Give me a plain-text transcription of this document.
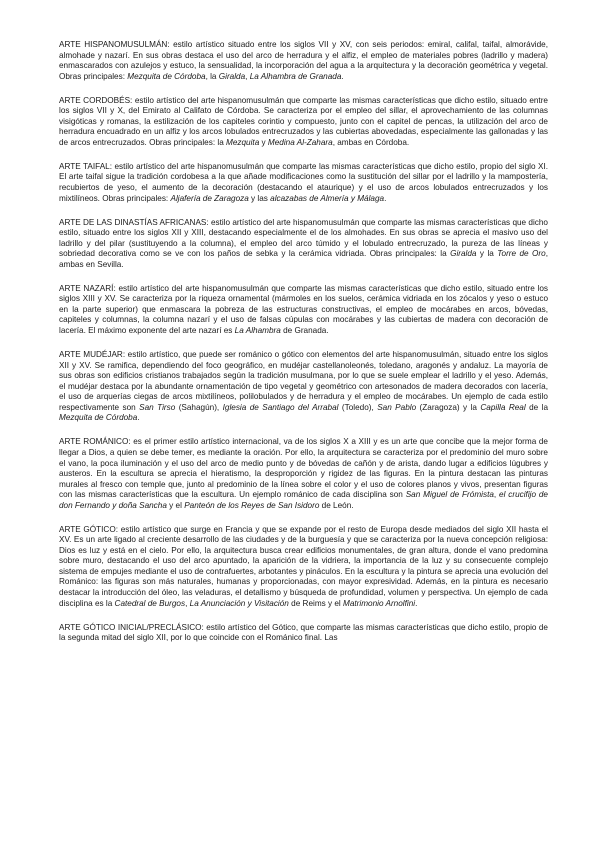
ARTE HISPANOMUSULMÁN: estilo artístico situado entre los siglos VII y XV, con seis periodos: emiral, califal, taifal, almorávide, almohade y nazarí. En sus obras destaca el uso del arco de herradura y el alfiz, el empleo de materiales pobres (ladrillo y madera) enmascarados con azulejos y estuco, la sensualidad, la incorporación del agua a la arquitectura y la decoración geométrica y vegetal. Obras principales: Mezquita de Córdoba, la Giralda, La Alhambra de Granada.

ARTE CORDOBÉS: estilo artístico del arte hispanomusulmán que comparte las mismas características que dicho estilo, situado entre los siglos VII y X, del Emirato al Califato de Córdoba. Se caracteriza por el empleo del sillar, el aprovechamiento de las columnas visigóticas y romanas, la estilización de los capiteles corintio y compuesto, junto con el capitel de pencas, la utilización del arco de herradura encuadrado en un alfiz y los arcos lobulados entrecruzados y las cubiertas abovedadas, especialmente las gallonadas y las de arcos entrecruzados. Obras principales: la Mezquita y Medina Al-Zahara, ambas en Córdoba.

ARTE TAIFAL: estilo artístico del arte hispanomusulmán que comparte las mismas características que dicho estilo, propio del siglo XI. El arte taifal sigue la tradición cordobesa a la que añade modificaciones como la sustitución del sillar por el ladrillo y la mampostería, recubiertos de yeso, el aumento de la decoración (destacando el ataurique) y el uso de arcos lobulados entrecruzados y los mixtilíneos. Obras principales: Aljafería de Zaragoza y las alcazabas de Almería y Málaga.

ARTE DE LAS DINASTÍAS AFRICANAS: estilo artístico del arte hispanomusulmán que comparte las mismas características que dicho estilo, situado entre los siglos XII y XIII, destacando especialmente el de los almohades. En sus obras se aprecia el masivo uso del ladrillo y del pilar (sustituyendo a la columna), el empleo del arco túmido y el lobulado entrecruzado, la pureza de las líneas y sobriedad decorativa como se ve con los paños de sebka y la cerámica vidriada. Obras principales: la Giralda y la Torre de Oro, ambas en Sevilla.

ARTE NAZARÍ: estilo artístico del arte hispanomusulmán que comparte las mismas características que dicho estilo, situado entre los siglos XIII y XV. Se caracteriza por la riqueza ornamental (mármoles en los suelos, cerámica vidriada en los zócalos y yeso o estuco en la parte superior) que enmascara la pobreza de las estructuras constructivas, el empleo de mocárabes en arcos, bóvedas, capiteles y columnas, la columna nazarí y el uso de falsas cúpulas con mocárabes y las cubiertas de madera con decoración de lacería. El máximo exponente del arte nazarí es La Alhambra de Granada.

ARTE MUDÉJAR: estilo artístico, que puede ser románico o gótico con elementos del arte hispanomusulmán, situado entre los siglos XII y XV. Se ramifica, dependiendo del foco geográfico, en mudéjar castellanoleonés, toledano, aragonés y andaluz. La mayoría de sus obras son edificios cristianos trabajados según la tradición musulmana, por lo que se suele emplear el ladrillo y el yeso. Además, el mudéjar destaca por la abundante ornamentación de tipo vegetal y geométrico con artesonados de madera decorados con lacería, el uso de arquerías ciegas de arcos mixtilíneos, polilobulados y de herradura y el empleo de mocárabes. Un ejemplo de cada estilo respectivamente son San Tirso (Sahagún), Iglesia de Santiago del Arrabal (Toledo), San Pablo (Zaragoza) y la Capilla Real de la Mezquita de Córdoba.

ARTE ROMÁNICO: es el primer estilo artístico internacional, va de los siglos X a XIII y es un arte que concibe que la mejor forma de llegar a Dios, a quien se debe temer, es mediante la oración. Por ello, la arquitectura se caracteriza por el predominio del muro sobre el vano, la poca iluminación y el uso del arco de medio punto y de bóvedas de cañón y de arista, dando lugar a edificios lúgubres y austeros. En la escultura se aprecia el hieratismo, la desproporción y rigidez de las figuras. En la pintura destacan las pinturas murales al fresco con temple que, junto al predominio de la línea sobre el color y el uso de colores planos y vivos, presentan figuras con las mismas características que la escultura. Un ejemplo románico de cada disciplina son San Miguel de Frómista, el crucifijo de don Fernando y doña Sancha y el Panteón de los Reyes de San Isidoro de León.

ARTE GÓTICO: estilo artístico que surge en Francia y que se expande por el resto de Europa desde mediados del siglo XII hasta el XV. Es un arte ligado al creciente desarrollo de las ciudades y de la burguesía y que se caracteriza por la nueva concepción religiosa: Dios es luz y está en el cielo. Por ello, la arquitectura busca crear edificios monumentales, de gran altura, donde el vano predomina sobre muro, destacando el uso del arco apuntado, la aparición de la vidriera, la importancia de la luz y su consecuente complejo sistema de empujes mediante el uso de contrafuertes, arbotantes y pináculos. En la escultura y la pintura se aprecia una evolución del Románico: las figuras son más naturales, humanas y proporcionadas, con mayor expresividad. Además, en la pintura es necesario destacar la introducción del óleo, las veladuras, el detallismo y búsqueda de profundidad, volumen y perspectiva. Un ejemplo de cada disciplina es la Catedral de Burgos, La Anunciación y Visitación de Reims y el Matrimonio Arnolfini.

ARTE GÓTICO INICIAL/PRECLÁSICO: estilo artístico del Gótico, que comparte las mismas características que dicho estilo, propio de la segunda mitad del siglo XII, por lo que coincide con el Románico final. Las
